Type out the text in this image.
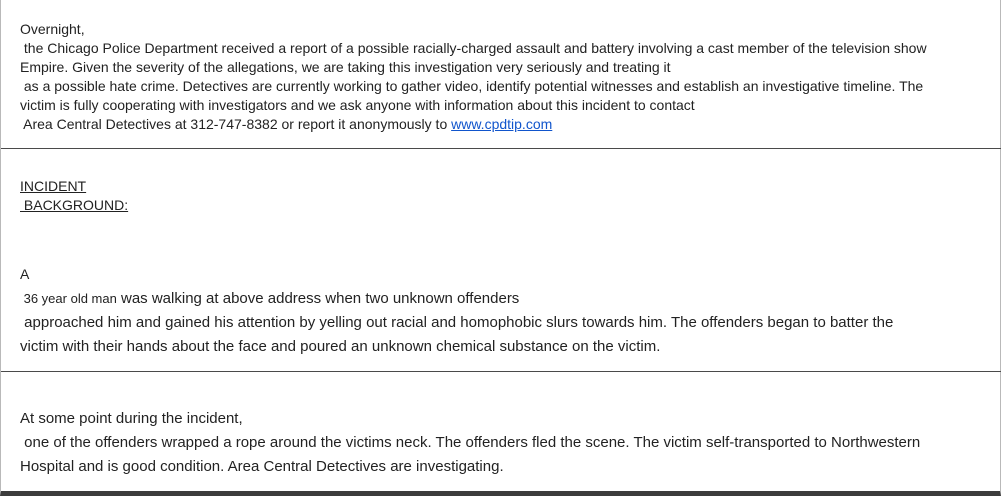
Overnight,
the Chicago Police Department received a report of a possible racially-charged assault and battery involving a cast member of the television show
Empire. Given the severity of the allegations, we are taking this investigation very seriously and treating it
as a possible hate crime. Detectives are currently working to gather video, identify potential witnesses and establish an investigative timeline. The
victim is fully cooperating with investigators and we ask anyone with information about this incident to contact
Area Central Detectives at 312-747-8382 or report it anonymously to www.cpdtip.com
INCIDENT
BACKGROUND:
A
36 year old man was walking at above address when two unknown offenders
approached him and gained his attention by yelling out racial and homophobic slurs towards him. The offenders began to batter the
victim with their hands about the face and poured an unknown chemical substance on the victim.
At some point during the incident,
one of the offenders wrapped a rope around the victims neck. The offenders fled the scene. The victim self-transported to Northwestern
Hospital and is good condition. Area Central Detectives are investigating.
